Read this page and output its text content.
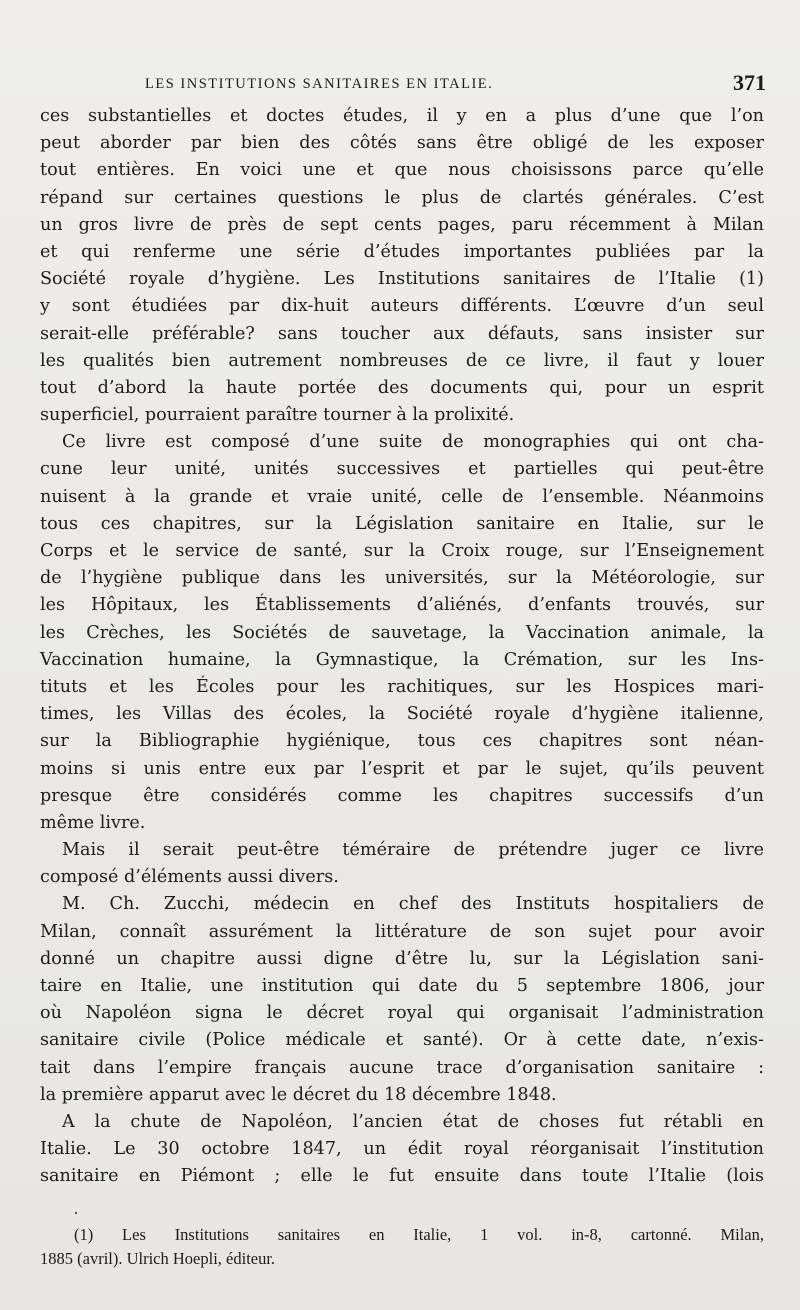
LES INSTITUTIONS SANITAIRES EN ITALIE.	371
ces substantielles et doctes études, il y en a plus d’une que l’on
peut aborder par bien des côtés sans être obligé de les exposer
tout entières. En voici une et que nous choisissons parce qu’elle
répand sur certaines questions le plus de clartés générales. C’est
un gros livre de près de sept cents pages, paru récemment à Milan
et qui renferme une série d’études importantes publiées par la
Société royale d’hygiène. Les Institutions sanitaires de l’Italie (1)
y sont étudiées par dix-huit auteurs différents. L’œuvre d’un seul
serait-elle préférable? sans toucher aux défauts, sans insister sur
les qualités bien autrement nombreuses de ce livre, il faut y louer
tout d’abord la haute portée des documents qui, pour un esprit
superficiel, pourraient paraître tourner à la prolixité.
Ce livre est composé d’une suite de monographies qui ont cha-
cune leur unité, unités successives et partielles qui peut-être
nuisent à la grande et vraie unité, celle de l’ensemble. Néanmoins
tous ces chapitres, sur la Législation sanitaire en Italie, sur le
Corps et le service de santé, sur la Croix rouge, sur l’Enseignement
de l’hygiène publique dans les universités, sur la Météorologie, sur
les Hôpitaux, les Établissements d’aliénés, d’enfants trouvés, sur
les Crèches, les Sociétés de sauvetage, la Vaccination animale, la
Vaccination humaine, la Gymnastique, la Crémation, sur les Ins-
tituts et les Écoles pour les rachitiques, sur les Hospices mari-
times, les Villas des écoles, la Société royale d’hygiène italienne,
sur la Bibliographie hygiénique, tous ces chapitres sont néan-
moins si unis entre eux par l’esprit et par le sujet, qu’ils peuvent
presque être considérés comme les chapitres successifs d’un
même livre.
Mais il serait peut-être téméraire de prétendre juger ce livre
composé d’éléments aussi divers.
M. Ch. Zucchi, médecin en chef des Instituts hospitaliers de
Milan, connaît assurément la littérature de son sujet pour avoir
donné un chapitre aussi digne d’être lu, sur la Législation sani-
taire en Italie, une institution qui date du 5 septembre 1806, jour
où Napoléon signa le décret royal qui organisait l’administration
sanitaire civile (Police médicale et santé). Or à cette date, n’exis-
tait dans l’empire français aucune trace d’organisation sanitaire :
la première apparut avec le décret du 18 décembre 1848.
A la chute de Napoléon, l’ancien état de choses fut rétabli en
Italie. Le 30 octobre 1847, un édit royal réorganisait l’institution
sanitaire en Piémont ; elle le fut ensuite dans toute l’Italie (lois
(1) Les Institutions sanitaires en Italie, 1 vol. in-8, cartonné. Milan,
1885 (avril). Ulrich Hoepli, éditeur.
